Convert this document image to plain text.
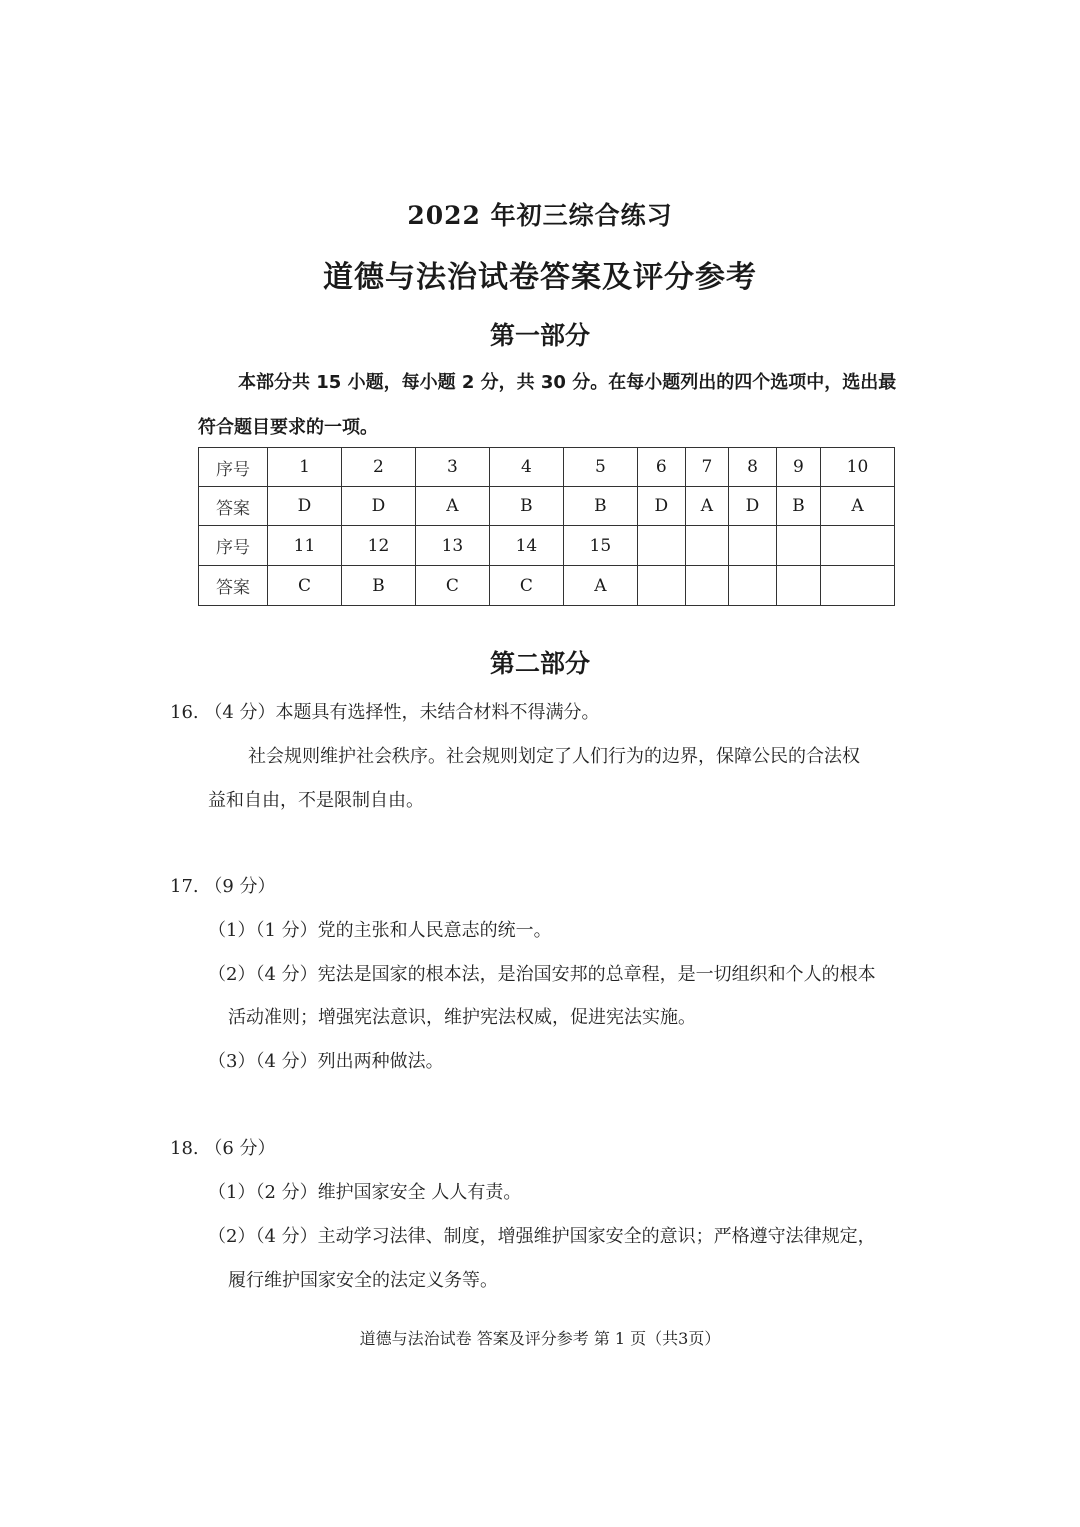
2022 年初三综合练习
道德与法治试卷答案及评分参考
第一部分
本部分共 15 小题，每小题 2 分，共 30 分。在每小题列出的四个选项中，选出最
符合题目要求的一项。
序号	1	2	3	4	5	6	7	8	9	10
答案	D	D	A	B	B	D	A	D	B	A
序号	11	12	13	14	15					
答案	C	B	C	C	A					
第二部分
16. （4 分）本题具有选择性，未结合材料不得满分。
社会规则维护社会秩序。社会规则划定了人们行为的边界，保障公民的合法权
益和自由，不是限制自由。
17. （9 分）
（1）（1 分）党的主张和人民意志的统一。
（2）（4 分）宪法是国家的根本法，是治国安邦的总章程，是一切组织和个人的根本
活动准则；增强宪法意识，维护宪法权威，促进宪法实施。
（3）（4 分）列出两种做法。
18. （6 分）
（1）（2 分）维护国家安全 人人有责。
（2）（4 分）主动学习法律、制度，增强维护国家安全的意识；严格遵守法律规定，
履行维护国家安全的法定义务等。
道德与法治试卷 答案及评分参考 第 1 页（共3页）
